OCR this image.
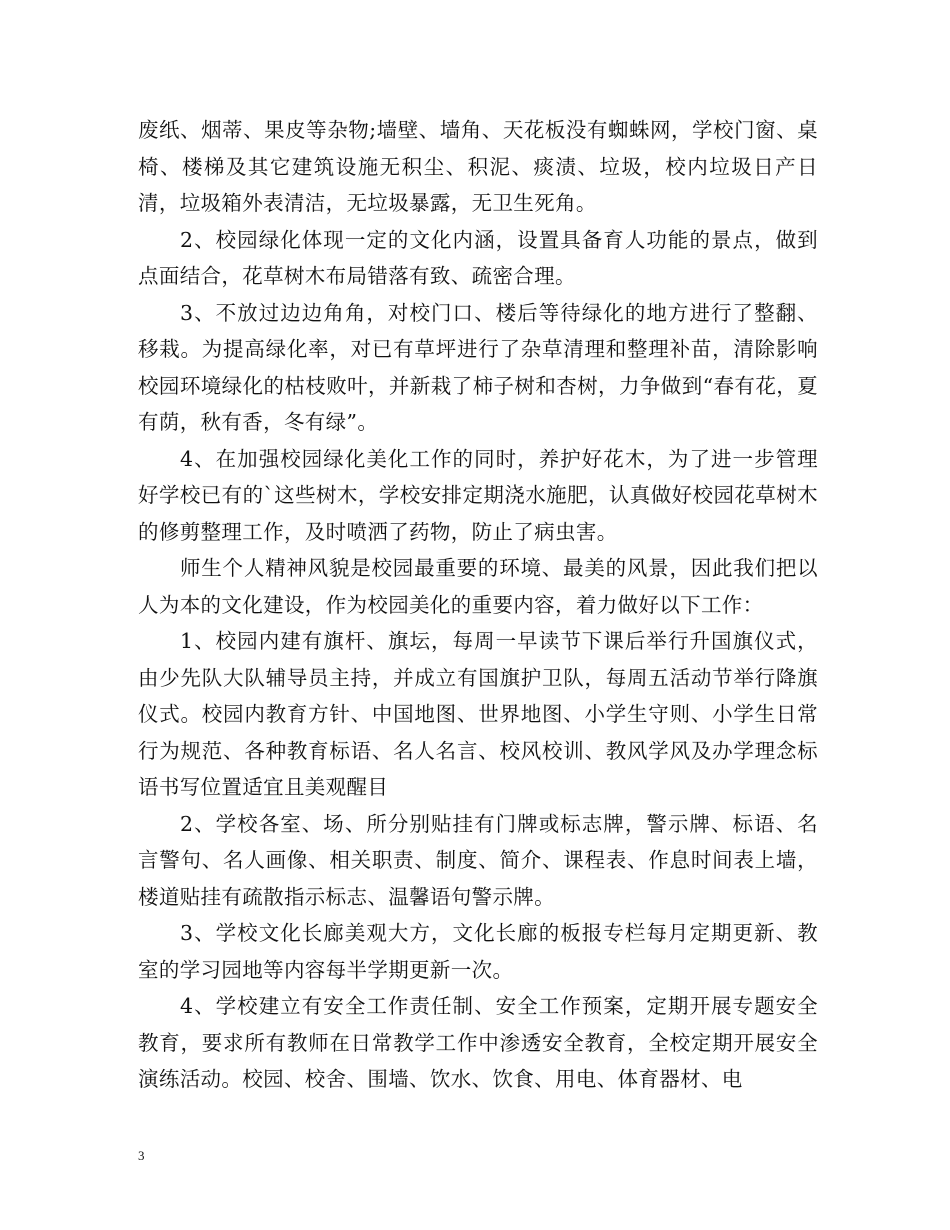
废纸、烟蒂、果皮等杂物;墙壁、墙角、天花板没有蜘蛛网，学校门窗、桌椅、楼梯及其它建筑设施无积尘、积泥、痰渍、垃圾，校内垃圾日产日清，垃圾箱外表清洁，无垃圾暴露，无卫生死角。

2、校园绿化体现一定的文化内涵，设置具备育人功能的景点，做到点面结合，花草树木布局错落有致、疏密合理。

3、不放过边边角角，对校门口、楼后等待绿化的地方进行了整翻、移栽。为提高绿化率，对已有草坪进行了杂草清理和整理补苗，清除影响校园环境绿化的枯枝败叶，并新栽了柿子树和杏树，力争做到“春有花，夏有荫，秋有香，冬有绿”。

4、在加强校园绿化美化工作的同时，养护好花木，为了进一步管理好学校已有的`这些树木，学校安排定期浇水施肥，认真做好校园花草树木的修剪整理工作，及时喷洒了药物，防止了病虫害。

师生个人精神风貌是校园最重要的环境、最美的风景，因此我们把以人为本的文化建设，作为校园美化的重要内容，着力做好以下工作：

1、校园内建有旗杆、旗坛，每周一早读节下课后举行升国旗仪式，由少先队大队辅导员主持，并成立有国旗护卫队，每周五活动节举行降旗仪式。校园内教育方针、中国地图、世界地图、小学生守则、小学生日常行为规范、各种教育标语、名人名言、校风校训、教风学风及办学理念标语书写位置适宜且美观醒目

2、学校各室、场、所分别贴挂有门牌或标志牌，警示牌、标语、名言警句、名人画像、相关职责、制度、简介、课程表、作息时间表上墙，楼道贴挂有疏散指示标志、温馨语句警示牌。

3、学校文化长廊美观大方，文化长廊的板报专栏每月定期更新、教室的学习园地等内容每半学期更新一次。

4、学校建立有安全工作责任制、安全工作预案，定期开展专题安全教育，要求所有教师在日常教学工作中渗透安全教育，全校定期开展安全演练活动。校园、校舍、围墙、饮水、饮食、用电、体育器材、电

3
